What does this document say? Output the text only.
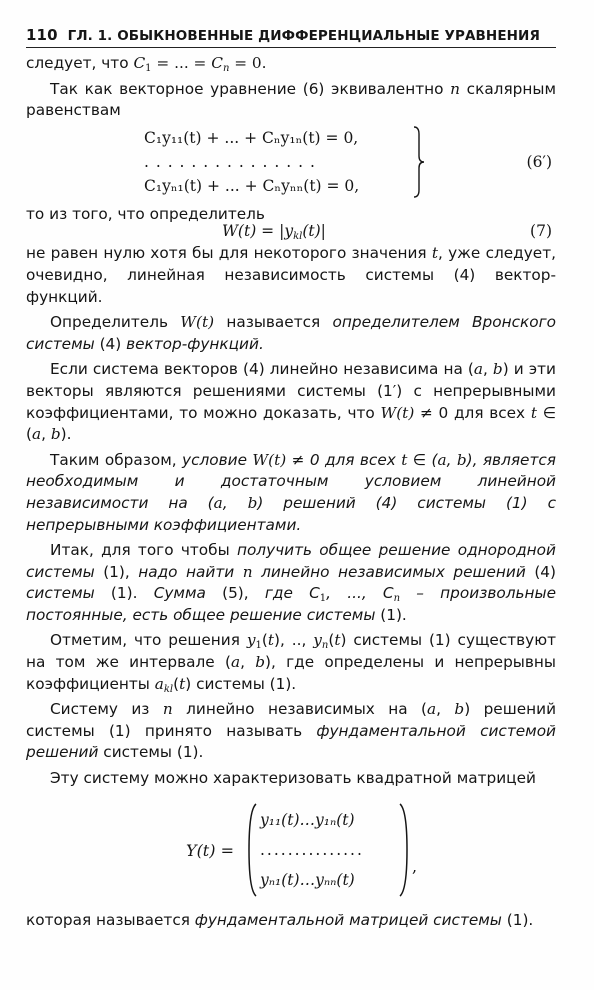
110 ГЛ. 1. ОБЫКНОВЕННЫЕ ДИФФЕРЕНЦИАЛЬНЫЕ УРАВНЕНИЯ

следует, что $C_1$ = ... = $C_n = 0$.

Так как векторное уравнение (6) эквивалентно n скалярным равенствам

C₁y₁₁(t) + ... + Cₙy₁ₙ(t) = 0,
. . . . . . . . . . . . . . .
C₁yₙ₁(t) + ... + Cₙyₙₙ(t) = 0,
(6′)

то из того, что определитель

$W(t) = |y_{kl}(t)|$	(7)

не равен нулю хотя бы для некоторого значения t, уже следует, очевидно, линейная независимость системы (4) вектор-функций.

Определитель W(t) называется определителем Вронского системы (4) вектор-функций.

Если система векторов (4) линейно независима на (a, b) и эти векторы являются решениями системы (1′) с непрерывными коэффициентами, то можно доказать, что W(t) ≠ 0 для всех t ∈ (a, b).

Таким образом, условие W(t) ≠ 0 для всех t ∈ (a, b), является необходимым и достаточным условием линейной независимости на (a, b) решений (4) системы (1) с непрерывными коэффициентами.

Итак, для того чтобы получить общее решение однородной системы (1), надо найти n линейно независимых решений (4) системы (1). Сумма (5), где $C_1$, ..., $C_n$ – произвольные постоянные, есть общее решение системы (1).

Отметим, что решения $y_1(t)$, .., $y_n(t)$ системы (1) существуют на том же интервале (a, b), где определены и непрерывны коэффициенты $a_{kl}(t)$ системы (1).

Систему из n линейно независимых на (a, b) решений системы (1) принято называть фундаментальной системой решений системы (1).

Эту систему можно характеризовать квадратной матрицей

Y(t) =
y₁₁(t)…y₁ₙ(t)
...............
yₙ₁(t)…yₙₙ(t)
,

которая называется фундаментальной матрицей системы (1).
